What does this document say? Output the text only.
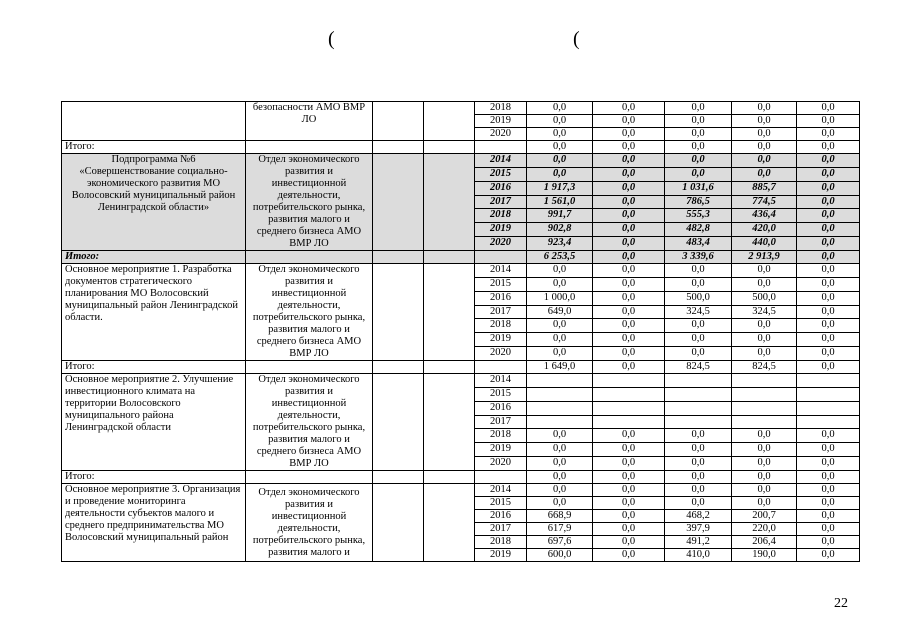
(	(
	безопасности АМО ВМР ЛО			2018	0,0	0,0	0,0	0,0	0,0
				2019	0,0	0,0	0,0	0,0	0,0
				2020	0,0	0,0	0,0	0,0	0,0
Итого:					0,0	0,0	0,0	0,0	0,0
Подпрограмма №6 «Совершенствование социально-экономического развития МО Волосовский муниципальный район Ленинградской области»	Отдел экономического развития и инвестиционной деятельности, потребительского рынка, развития малого и среднего бизнеса АМО ВМР ЛО			2014	0,0	0,0	0,0	0,0	0,0
				2015	0,0	0,0	0,0	0,0	0,0
				2016	1 917,3	0,0	1 031,6	885,7	0,0
				2017	1 561,0	0,0	786,5	774,5	0,0
				2018	991,7	0,0	555,3	436,4	0,0
				2019	902,8	0,0	482,8	420,0	0,0
				2020	923,4	0,0	483,4	440,0	0,0
Итого:					6 253,5	0,0	3 339,6	2 913,9	0,0
Основное мероприятие 1. Разработка документов стратегического планирования МО Волосовский муниципальный район Ленинградской области.	Отдел экономического развития и инвестиционной деятельности, потребительского рынка, развития малого и среднего бизнеса АМО ВМР ЛО			2014	0,0	0,0	0,0	0,0	0,0
				2015	0,0	0,0	0,0	0,0	0,0
				2016	1 000,0	0,0	500,0	500,0	0,0
				2017	649,0	0,0	324,5	324,5	0,0
				2018	0,0	0,0	0,0	0,0	0,0
				2019	0,0	0,0	0,0	0,0	0,0
				2020	0,0	0,0	0,0	0,0	0,0
Итого:					1 649,0	0,0	824,5	824,5	0,0
Основное мероприятие 2. Улучшение инвестиционного климата на территории Волосовского муниципального района Ленинградской области	Отдел экономического развития и инвестиционной деятельности, потребительского рынка, развития малого и среднего бизнеса АМО ВМР ЛО			2014					
				2015					
				2016					
				2017					
				2018	0,0	0,0	0,0	0,0	0,0
				2019	0,0	0,0	0,0	0,0	0,0
				2020	0,0	0,0	0,0	0,0	0,0
Итого:					0,0	0,0	0,0	0,0	0,0
Основное мероприятие 3. Организация и проведение мониторинга деятельности субъектов малого и среднего предпринимательства МО Волосовский муниципальный район	Отдел экономического развития и инвестиционной деятельности, потребительского рынка, развития малого и			2014	0,0	0,0	0,0	0,0	0,0
				2015	0,0	0,0	0,0	0,0	0,0
				2016	668,9	0,0	468,2	200,7	0,0
				2017	617,9	0,0	397,9	220,0	0,0
				2018	697,6	0,0	491,2	206,4	0,0
				2019	600,0	0,0	410,0	190,0	0,0
22
